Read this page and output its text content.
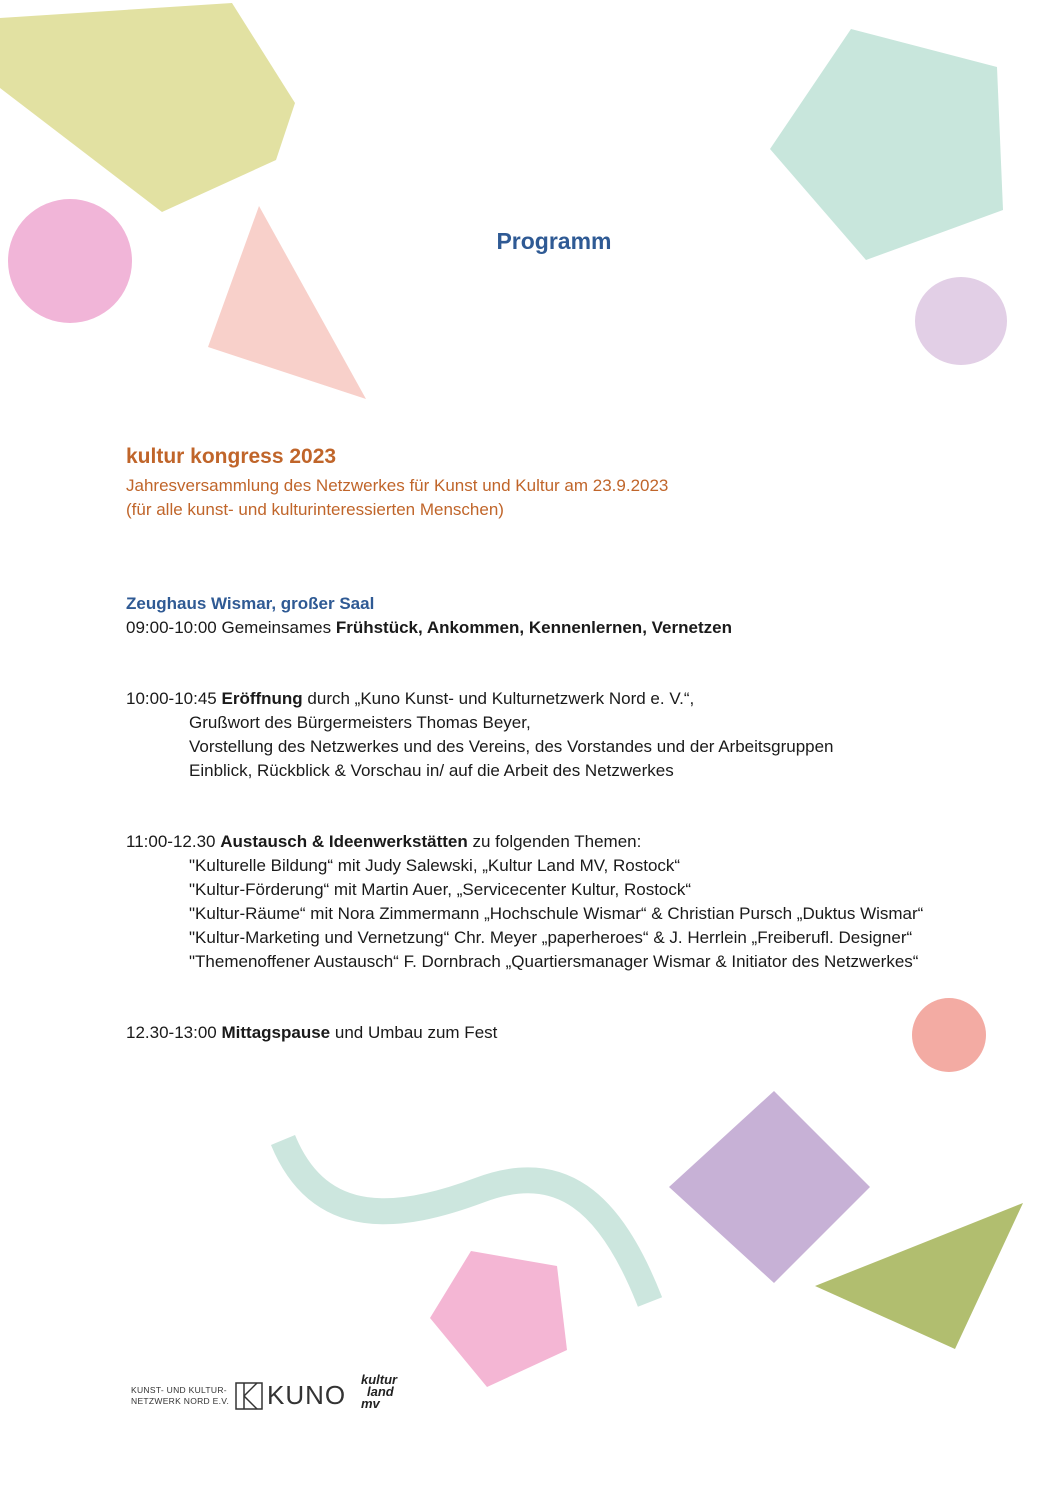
Programm
kultur kongress 2023

Jahresversammlung des Netzwerkes für Kunst und Kultur am 23.9.2023

(für alle kunst- und kulturinteressierten Menschen)

Zeughaus Wismar, großer Saal

09:00-10:00 Gemeinsames Frühstück, Ankommen, Kennenlernen, Vernetzen
10:00-10:45 Eröffnung durch „Kuno Kunst- und Kulturnetzwerk Nord e. V.“,
Grußwort des Bürgermeisters Thomas Beyer,
Vorstellung des Netzwerkes und des Vereins, des Vorstandes und der Arbeitsgruppen
Einblick, Rückblick & Vorschau in/ auf die Arbeit des Netzwerkes
11:00-12.30 Austausch & Ideenwerkstätten zu folgenden Themen:
"Kulturelle Bildung“ mit Judy Salewski, „Kultur Land MV, Rostock“
"Kultur-Förderung“ mit Martin Auer, „Servicecenter Kultur, Rostock“
"Kultur-Räume“ mit Nora Zimmermann „Hochschule Wismar“ & Christian Pursch „Duktus Wismar“
"Kultur-Marketing und Vernetzung“ Chr. Meyer „paperheroes“ & J. Herrlein „Freiberufl. Designer“
"Themenoffener Austausch“ F. Dornbrach „Quartiersmanager Wismar & Initiator des Netzwerkes“
12.30-13:00 Mittagspause und Umbau zum Fest
KUNST- UND KULTUR-
NETZWERK NORD E.V. KUNO
kultur
land
mv
